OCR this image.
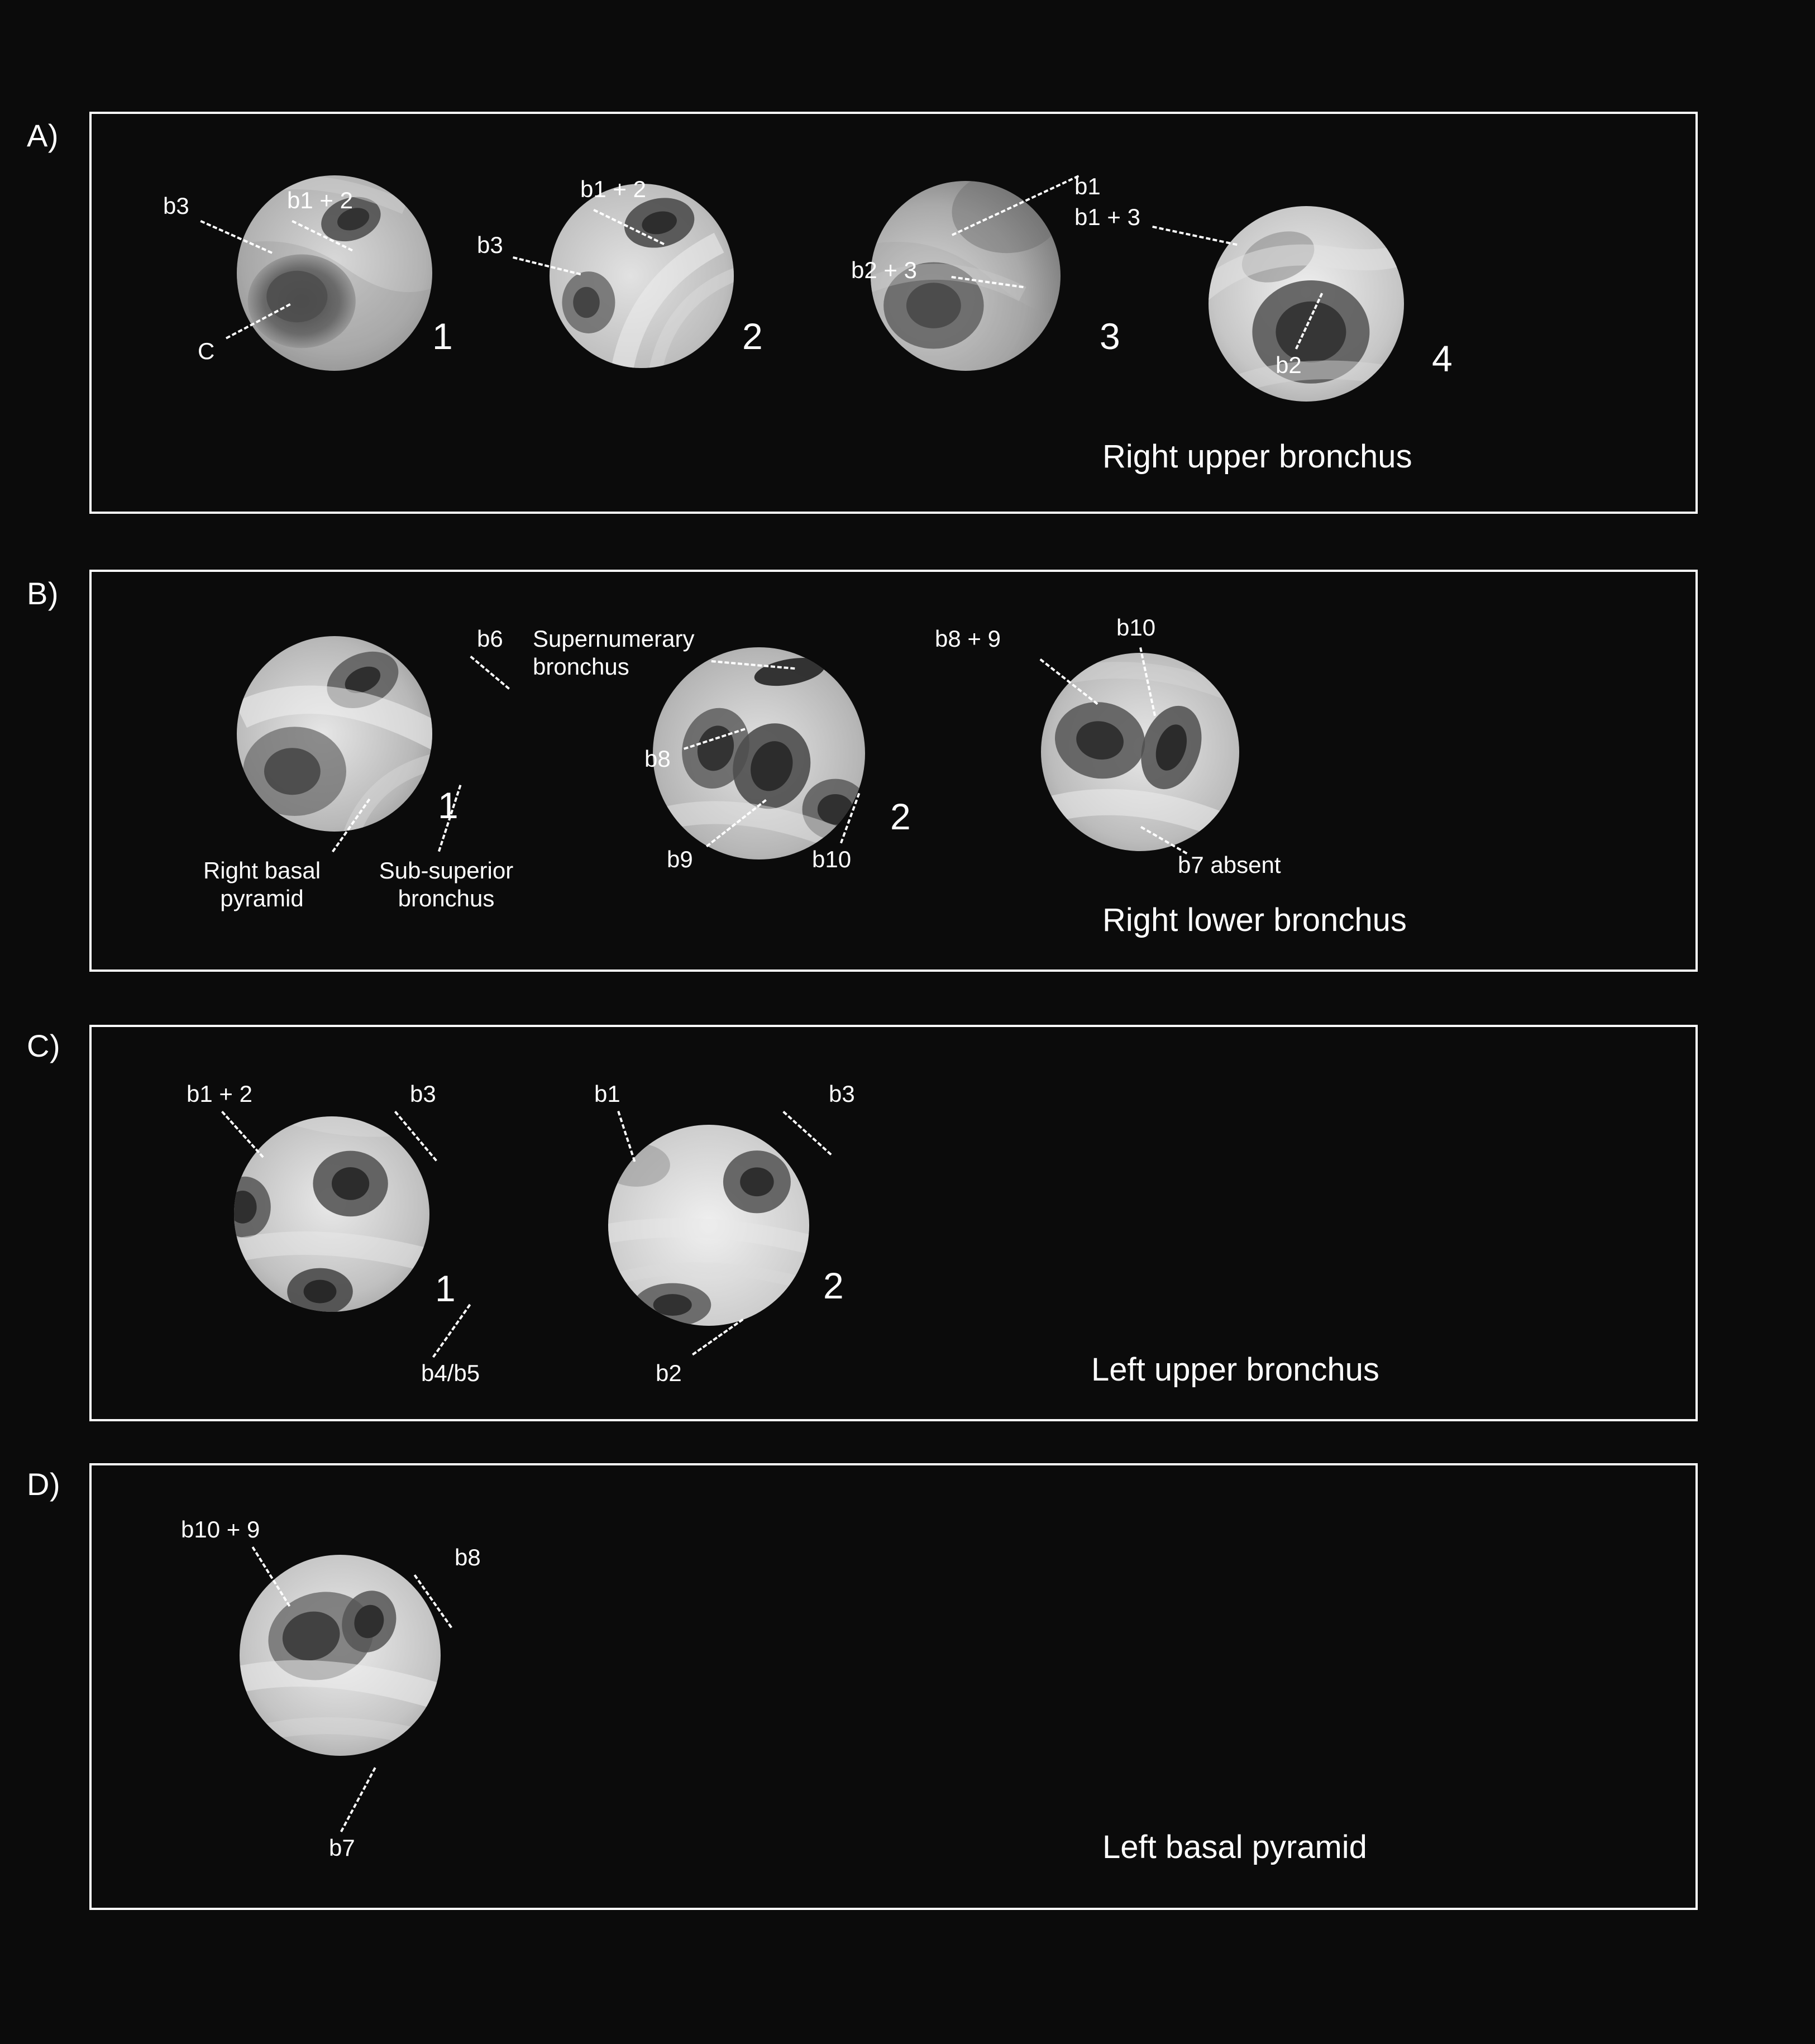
A)
b3	b1 + 2
C	1
b1 + 2
b3
2
b1
b2 + 3
3
b1 + 3
b2	4
Right upper bronchus
B)
b6
Right basal pyramid
Sub-superior bronchus
1
Supernumerary bronchus
b8
b9	b10
2
b8 + 9	b10
b7 absent
Right lower bronchus
C)
b1 + 2	b3
b4/b5
1
b1	b3
b2
2
Left upper bronchus
D)
b10 + 9
b8
b7	Left basal pyramid
